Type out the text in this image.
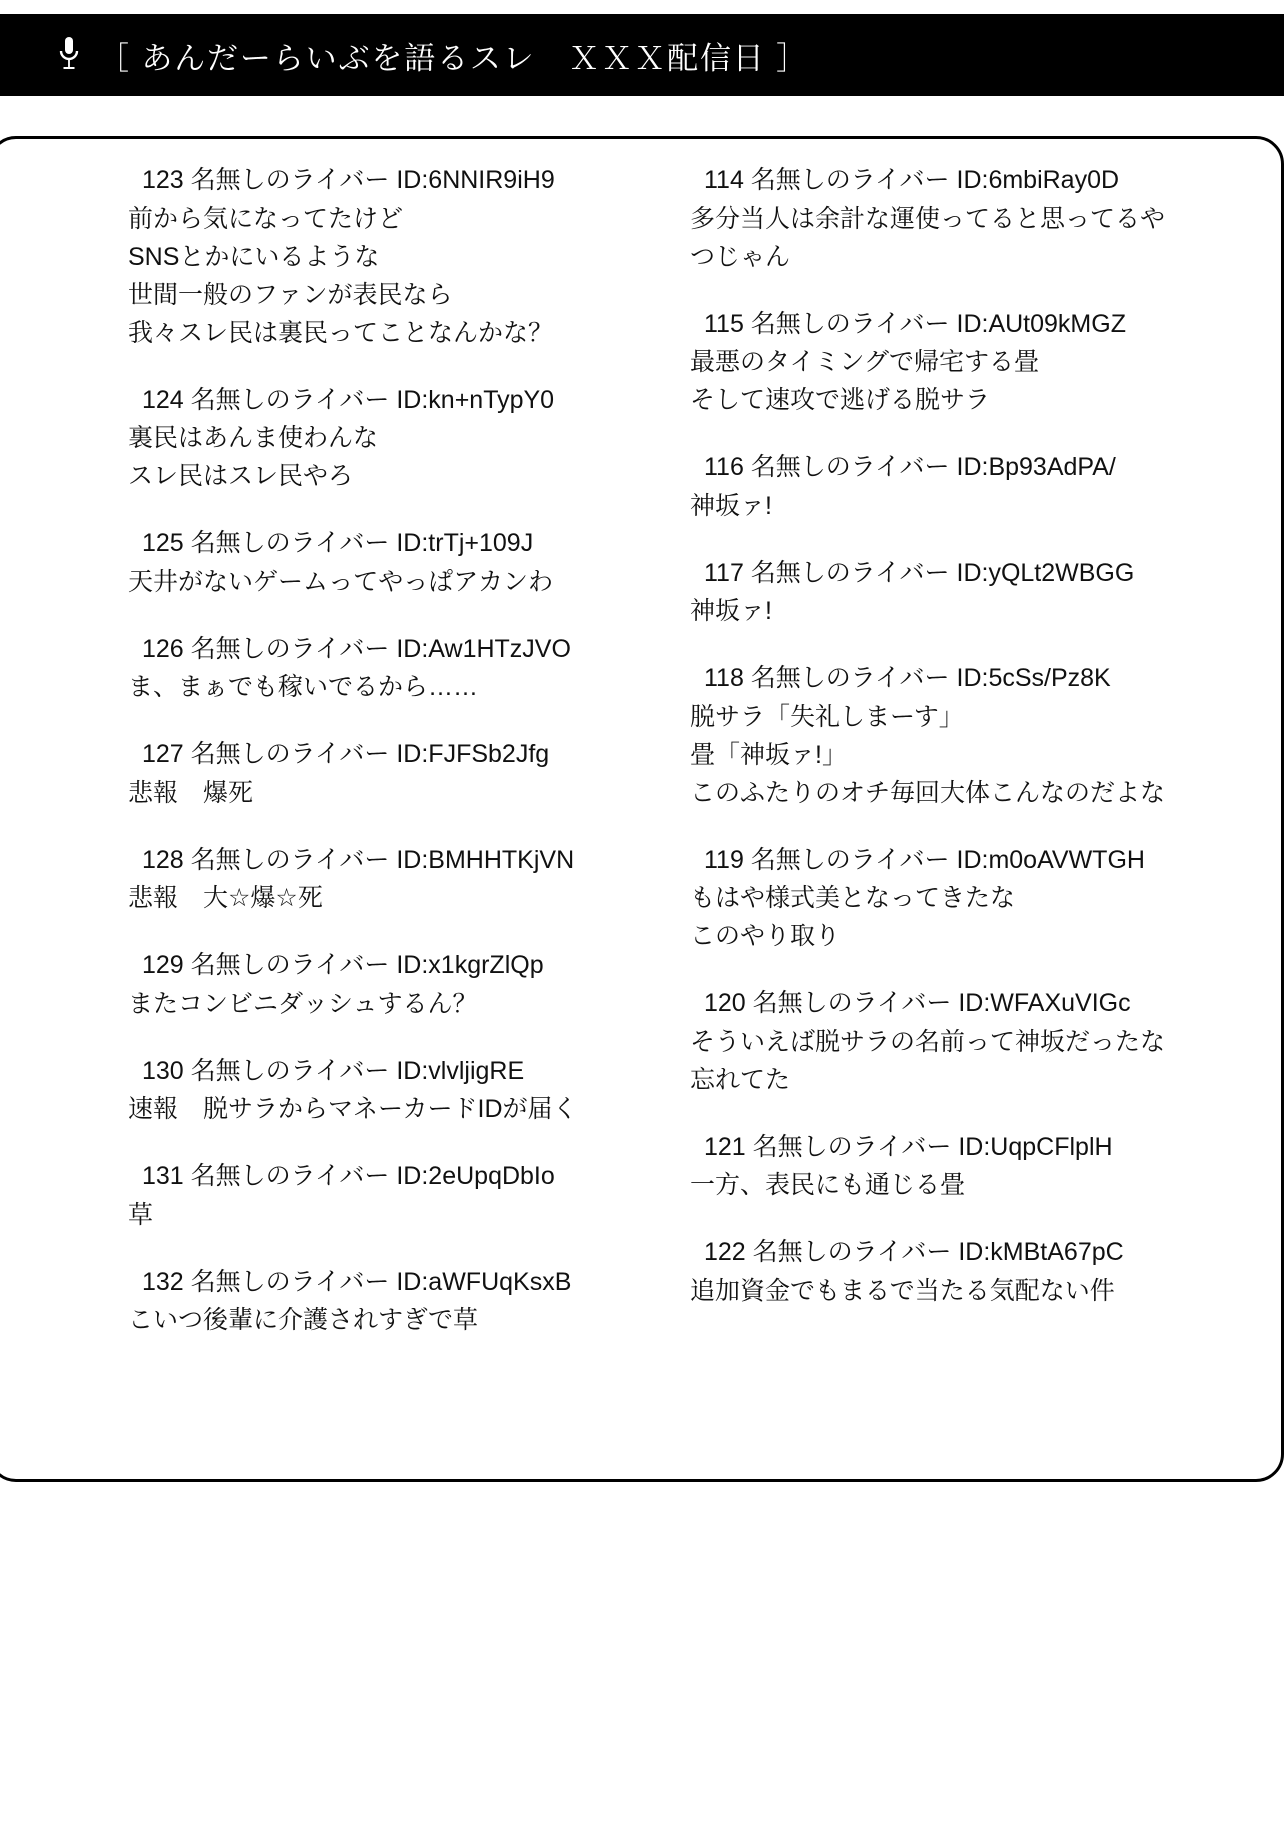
［ あんだーらいぶを語るスレ　ＸＸＸ配信日 ］
123 名無しのライバー ID:6NNIR9iH9
前から気になってたけど
SNSとかにいるような
世間一般のファンが表民なら
我々スレ民は裏民ってことなんかな？
124 名無しのライバー ID:kn+nTypY0
裏民はあんま使わんな
スレ民はスレ民やろ
125 名無しのライバー ID:trTj+109J
天井がないゲームってやっぱアカンわ
126 名無しのライバー ID:Aw1HTzJVO
ま、まぁでも稼いでるから……
127 名無しのライバー ID:FJFSb2Jfg
悲報　爆死
128 名無しのライバー ID:BMHHTKjVN
悲報　大☆爆☆死
129 名無しのライバー ID:x1kgrZlQp
またコンビニダッシュするん？
130 名無しのライバー ID:vlvljigRE
速報　脱サラからマネーカードIDが届く
131 名無しのライバー ID:2eUpqDbIo
草
132 名無しのライバー ID:aWFUqKsxB
こいつ後輩に介護されすぎで草
114 名無しのライバー ID:6mbiRay0D
多分当人は余計な運使ってると思ってるや
つじゃん
115 名無しのライバー ID:AUt09kMGZ
最悪のタイミングで帰宅する畳
そして速攻で逃げる脱サラ
116 名無しのライバー ID:Bp93AdPA/
神坂ァ!
117 名無しのライバー ID:yQLt2WBGG
神坂ァ!
118 名無しのライバー ID:5cSs/Pz8K
脱サラ「失礼しまーす」
畳「神坂ァ!」
このふたりのオチ毎回大体こんなのだよな
119 名無しのライバー ID:m0oAVWTGH
もはや様式美となってきたな
このやり取り
120 名無しのライバー ID:WFAXuVIGc
そういえば脱サラの名前って神坂だったな
忘れてた
121 名無しのライバー ID:UqpCFlplH
一方、表民にも通じる畳
122 名無しのライバー ID:kMBtA67pC
追加資金でもまるで当たる気配ない件
